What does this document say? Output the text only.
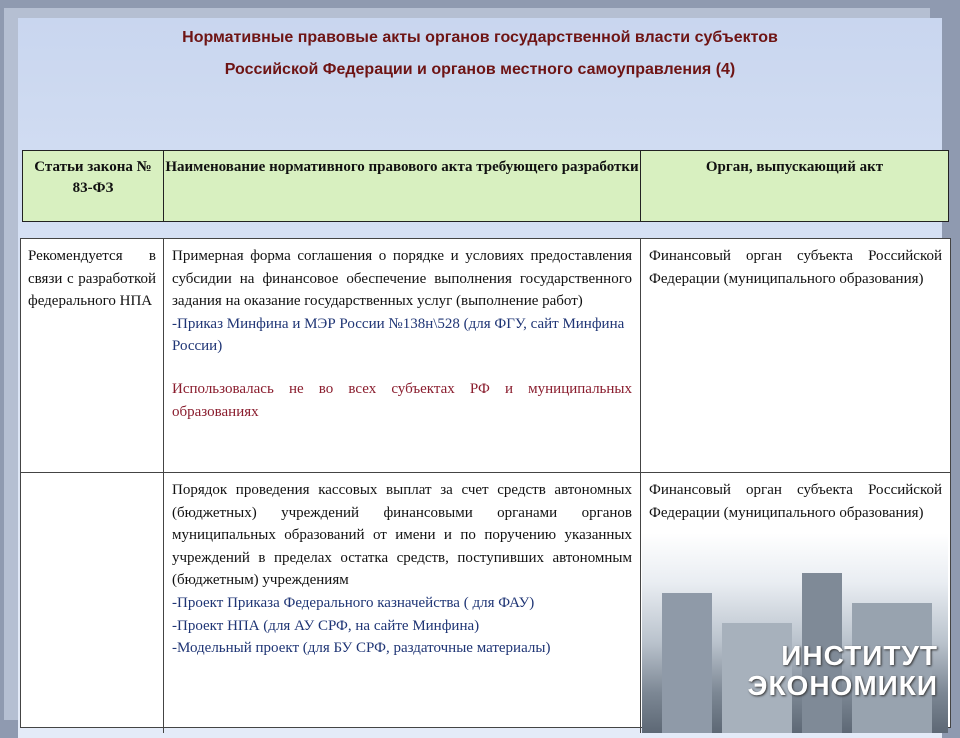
Нормативные правовые акты органов государственной власти субъектов
Российской Федерации и органов местного самоуправления (4)
Статьи закона № 83-ФЗ
Наименование нормативного правового акта требующего разработки	Орган, выпускающий акт
Рекомендуется в связи с разработкой федерального НПА
Примерная форма соглашения о порядке и условиях предоставления субсидии на финансовое обеспечение выполнения государственного задания на оказание государственных услуг (выполнение работ)
-Приказ Минфина и МЭР России №138н\528 (для ФГУ, сайт Минфина России)
Использовалась не во всех субъектах РФ и муниципальных образованиях
Финансовый орган субъекта Российской Федерации (муниципального образования)
Порядок проведения кассовых выплат за счет средств автономных (бюджетных) учреждений финансовыми органами органов муниципальных образований от имени и по поручению указанных учреждений в пределах остатка средств, поступивших автономным (бюджетным) учреждениям
-Проект Приказа Федерального казначейства ( для ФАУ)
-Проект НПА (для АУ СРФ, на сайте Минфина)
-Модельный проект (для БУ СРФ, раздаточные материалы)
Финансовый орган субъекта Российской Федерации (муниципального образования)
ИНСТИТУТ
ЭКОНОМИКИ
